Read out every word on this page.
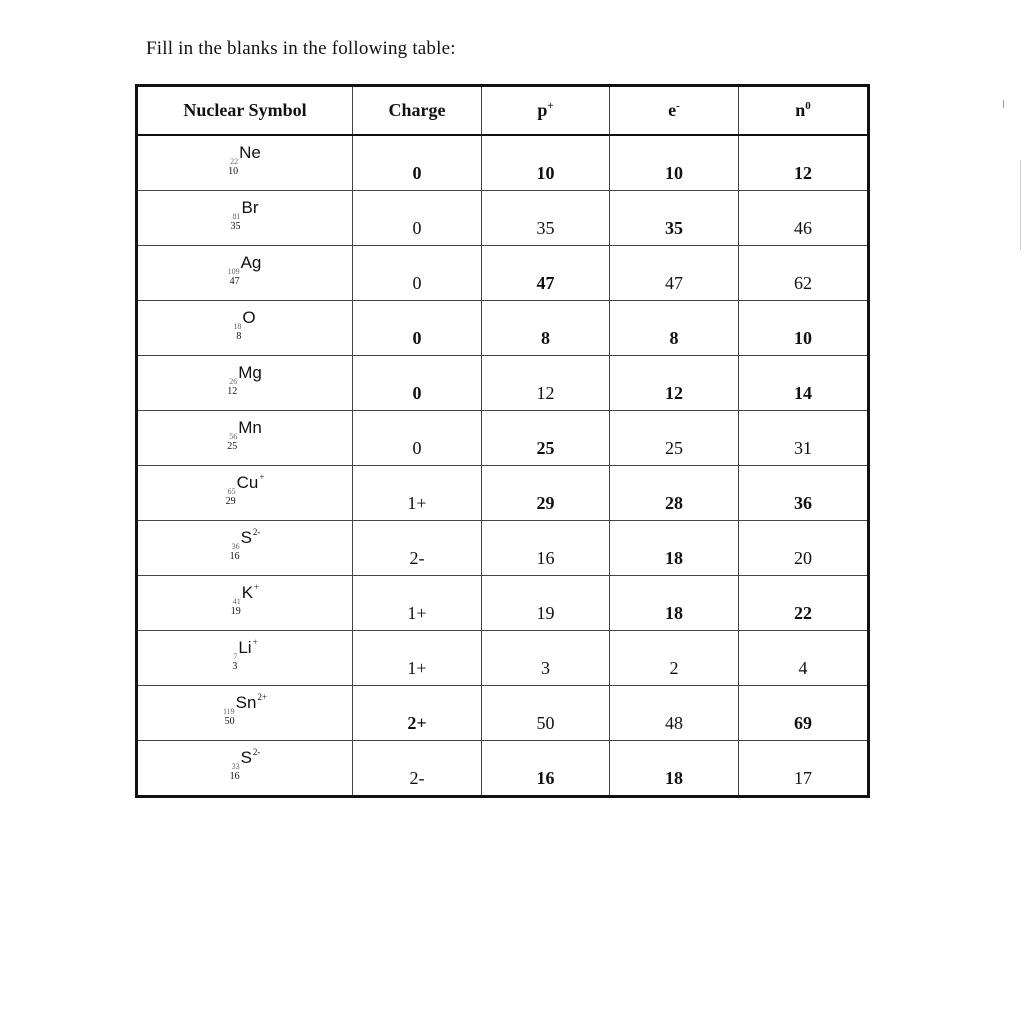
Fill in the blanks in the following table:
Nuclear Symbol	Charge	p+	e-	$n^0$

22
10
Ne	0	10	10	12

81
35
Br	0	35	35	46

109
47
Ag	0	47	47	62

18
8
O	0	8	8	10

26
12
Mg	0	12	12	14

56
25
Mn	0	25	25	31

65
29
Cu+	1+	29	28	36

36
16
$S^{2-}$	2-	16	18	20

41
19
K+	1+	19	18	22

7
3
Li+	1+	3	2	4

119
50
$Sn^{2+}$	2+	50	48	69

33
16
$S^{2-}$	2-	16	18	17
